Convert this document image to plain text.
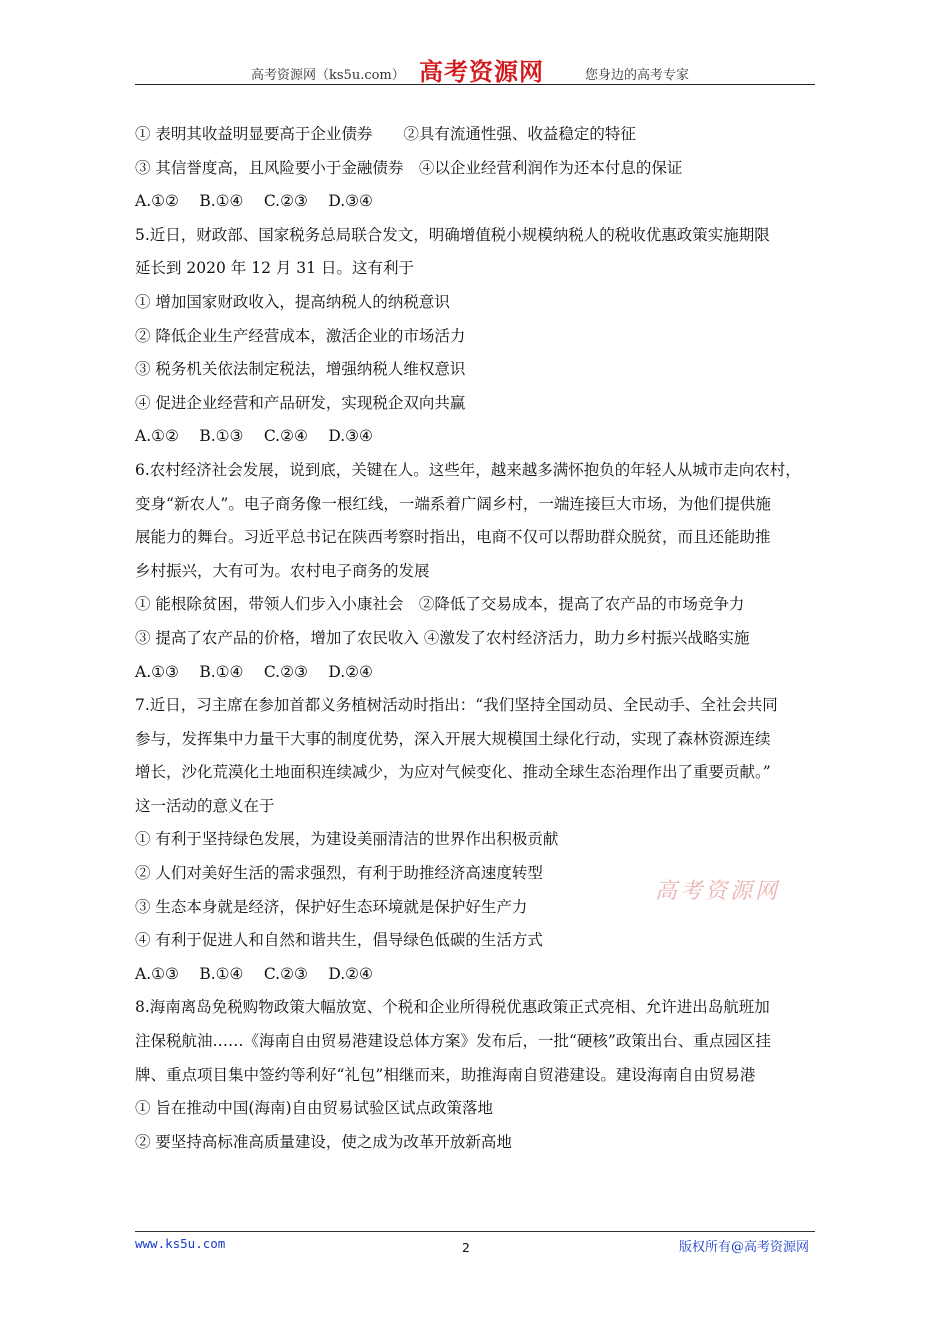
高考资源网（ks5u.com） 高考资源网	您身边的高考专家
① 表明其收益明显要高于企业债券　　②具有流通性强、收益稳定的特征
③ 其信誉度高，且风险要小于金融债券　④以企业经营利润作为还本付息的保证
A.①②　 B.①④　 C.②③　 D.③④
5.近日，财政部、国家税务总局联合发文，明确增值税小规模纳税人的税收优惠政策实施期限
延长到 2020 年 12 月 31 日。这有利于
① 增加国家财政收入，提高纳税人的纳税意识
② 降低企业生产经营成本，激活企业的市场活力
③ 税务机关依法制定税法，增强纳税人维权意识
④ 促进企业经营和产品研发，实现税企双向共赢
A.①②　 B.①③　 C.②④　 D.③④
6.农村经济社会发展，说到底，关键在人。这些年，越来越多满怀抱负的年轻人从城市走向农村，
变身“新农人”。电子商务像一根红线，一端系着广阔乡村，一端连接巨大市场，为他们提供施
展能力的舞台。习近平总书记在陕西考察时指出，电商不仅可以帮助群众脱贫，而且还能助推
乡村振兴，大有可为。农村电子商务的发展
① 能根除贫困，带领人们步入小康社会　②降低了交易成本，提高了农产品的市场竞争力
③ 提高了农产品的价格，增加了农民收入 ④激发了农村经济活力，助力乡村振兴战略实施
A.①③　 B.①④　 C.②③　 D.②④
7.近日，习主席在参加首都义务植树活动时指出：“我们坚持全国动员、全民动手、全社会共同
参与，发挥集中力量干大事的制度优势，深入开展大规模国土绿化行动，实现了森林资源连续
增长，沙化荒漠化土地面积连续减少，为应对气候变化、推动全球生态治理作出了重要贡献。”
这一活动的意义在于
① 有利于坚持绿色发展，为建设美丽清洁的世界作出积极贡献
② 人们对美好生活的需求强烈，有利于助推经济高速度转型
③ 生态本身就是经济，保护好生态环境就是保护好生产力
④ 有利于促进人和自然和谐共生，倡导绿色低碳的生活方式
A.①③　 B.①④　 C.②③　 D.②④
8.海南离岛免税购物政策大幅放宽、个税和企业所得税优惠政策正式亮相、允许进出岛航班加
注保税航油……《海南自由贸易港建设总体方案》发布后，一批“硬核”政策出台、重点园区挂
牌、重点项目集中签约等利好“礼包”相继而来，助推海南自贸港建设。建设海南自由贸易港
① 旨在推动中国(海南)自由贸易试验区试点政策落地
② 要坚持高标准高质量建设，使之成为改革开放新高地
高考资源网
www.ks5u.com	2	版权所有@高考资源网
